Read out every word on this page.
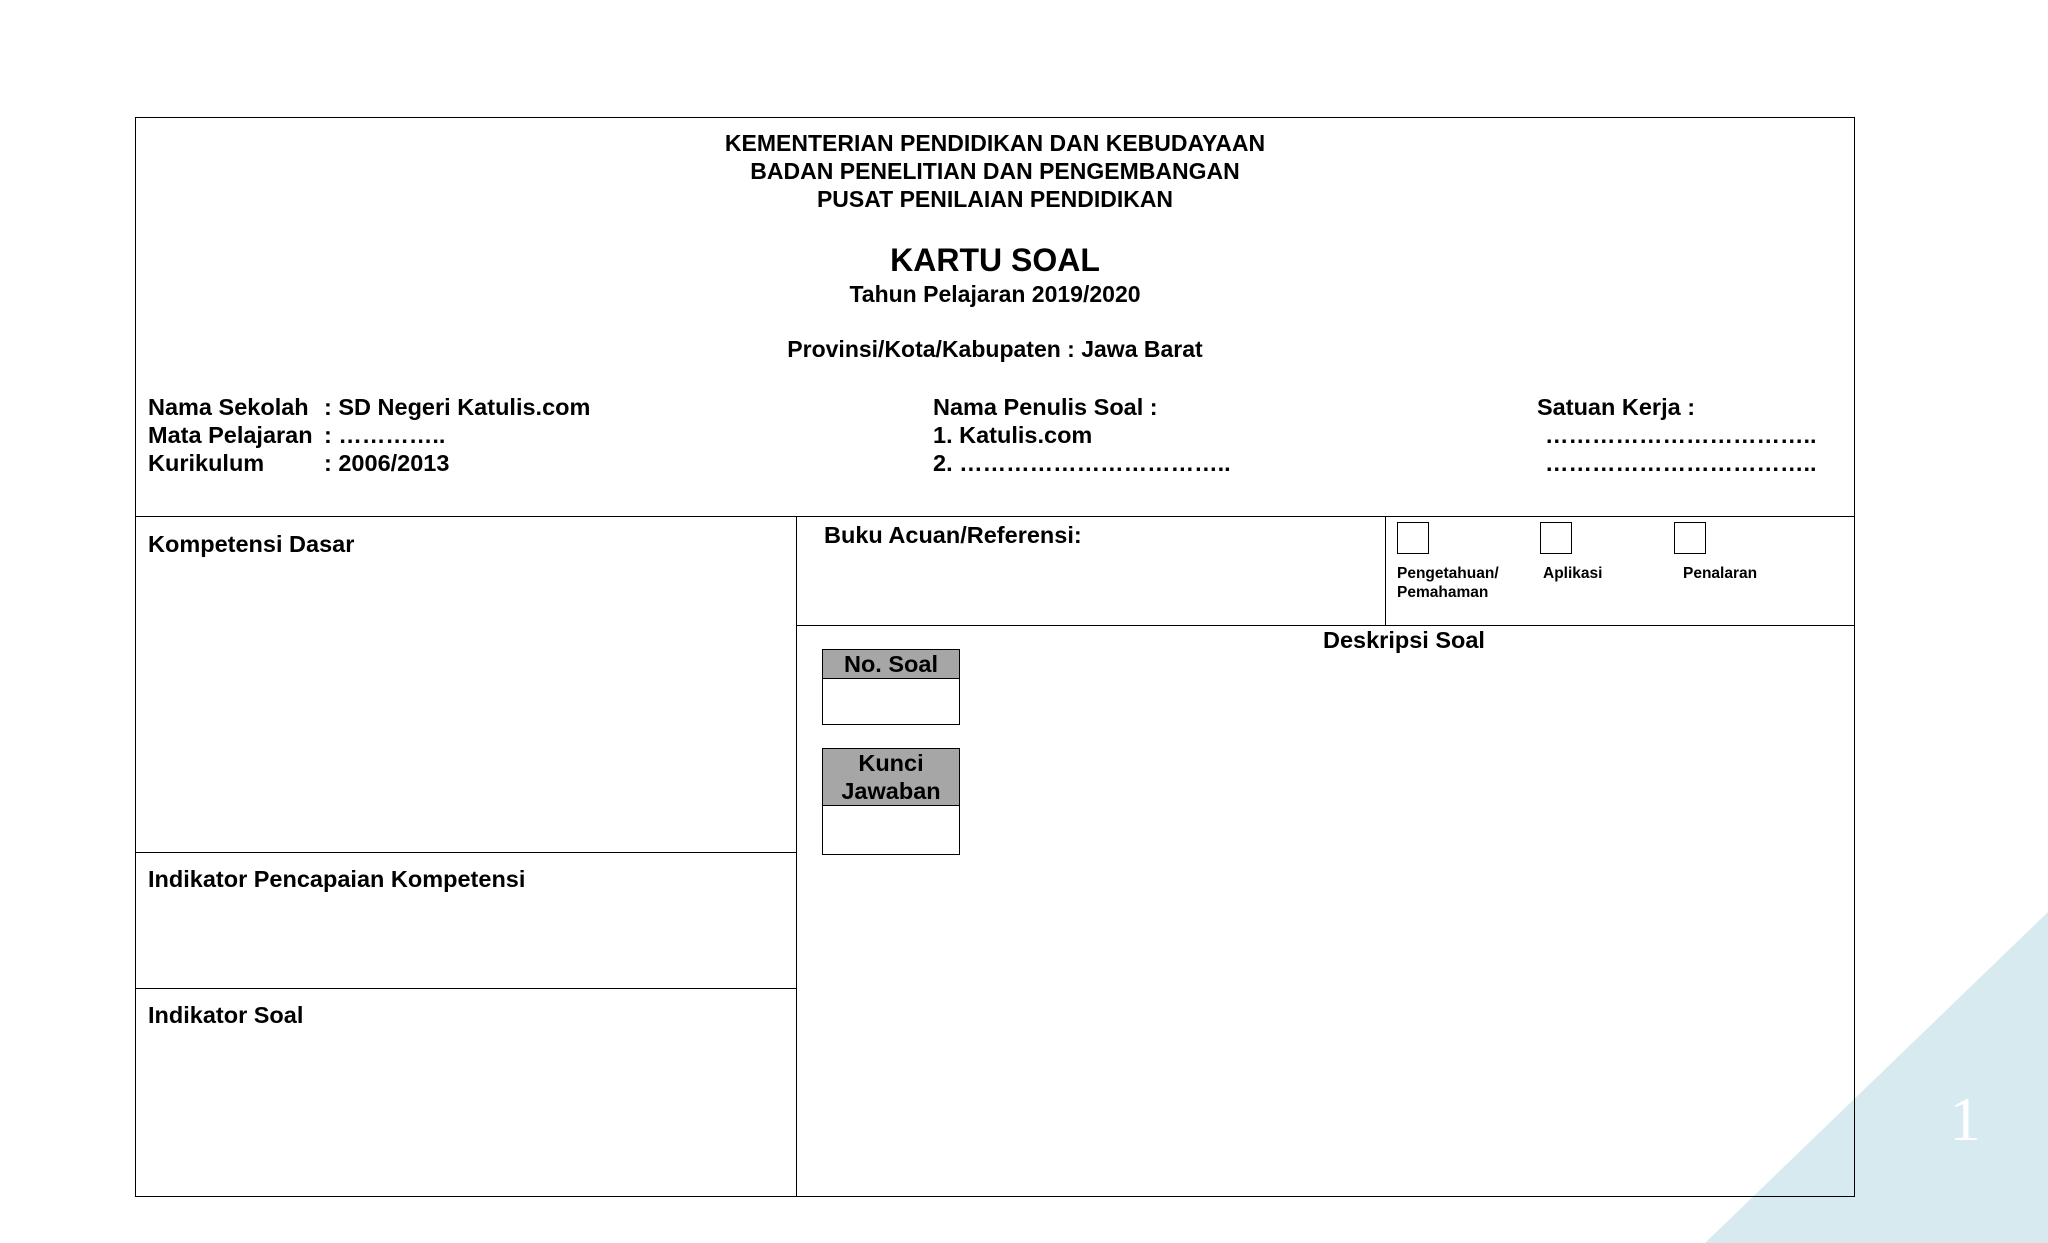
1
KEMENTERIAN PENDIDIKAN DAN KEBUDAYAAN
BADAN PENELITIAN DAN PENGEMBANGAN
PUSAT PENILAIAN PENDIDIKAN
KARTU SOAL
Tahun Pelajaran 2019/2020
Provinsi/Kota/Kabupaten : Jawa Barat
Nama Sekolah : SD Negeri Katulis.com
Mata Pelajaran : …………..
Kurikulum	: 2006/2013
Nama Penulis Soal :
1. Katulis.com
2. ……………………………..
Satuan Kerja :
……………………………..
……………………………..
Kompetensi Dasar
Indikator Pencapaian Kompetensi
Indikator Soal
Buku Acuan/Referensi:
Deskripsi Soal
Pengetahuan/
Pemahaman
Aplikasi	Penalaran
No. Soal
Kunci
Jawaban
